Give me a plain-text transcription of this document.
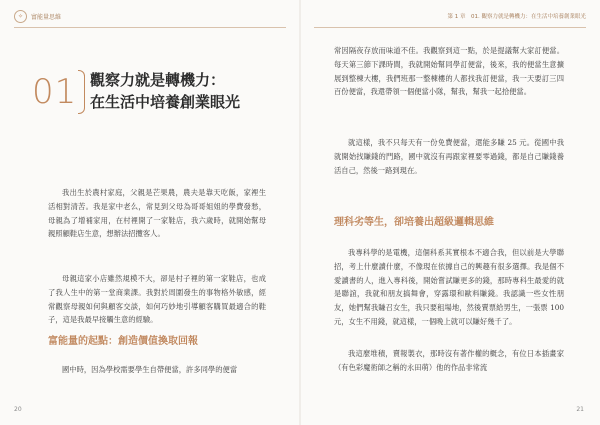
✧	富能量思維
01 觀察力就是轉機力：
在生活中培養創業眼光

我出生於農村家庭，父親是芒果農，農夫是靠天吃飯，家裡生活相對清苦。我是家中老么，常見到父母為哥哥姐姐的學費發愁，母親為了增補家用，在村裡開了一家鞋店，我六歲時，就開始幫母親照顧鞋店生意，想辦法招攬客人。

母親這家小店雖然規模不大，卻是村子裡的第一家鞋店，也成了我人生中的第一堂商業課。我對於周圍發生的事物格外敏感，經常觀察母親如何與顧客交談，如何巧妙地引導顧客購買最適合的鞋子，這是我最早接觸生意的經驗。

富能量的起點：創造價值換取回報

國中時，因為學校需要學生自帶便當，許多同學的便當

20
第 1 章　01. 觀察力就是轉機力：在生活中培養創業眼光

常因隔夜存放而味道不佳。我觀察到這一點，於是提議幫大家訂便當。每天第三節下課時間，我就開始幫同學訂便當，後來，我的便當生意擴展到整棟大樓，我們班那一整棟樓的人都找我訂便當，我一天要訂三四百份便當，我還帶領一個便當小隊，幫我，幫我一起拾便當。

就這樣，我不只每天有一份免費便當，還能多賺 25 元。從國中我就開始找賺錢的門路，國中就沒有再跟家裡要零過錢，都是自己賺錢養活自己，然後一路到現在。

理科劣等生，卻培養出超級邏輯思維

我專科學的是電機，這個科系其實根本不適合我，但以前是大學聯招，考上什麼讀什麼，不像現在依據自己的興趣有很多選擇。我是個不愛讀書的人，進入專科後，開始嘗試賺更多的錢，那時專科生最愛的就是聯誼，我就和朋友搞舞會，穿露環和歐料賺錢。我認識一些女性朋友，她們幫我賺召女生，我只要租場地，然後賣票給男生，一張票 100 元，女生不用錢，就這樣，一個晚上就可以賺好幾千了。

我這麼堆積，賣報製衣，那時沒有著作權的概念，有位日本插畫家（有色彩魔術師之稱的永田萌）他的作品非常流

21
